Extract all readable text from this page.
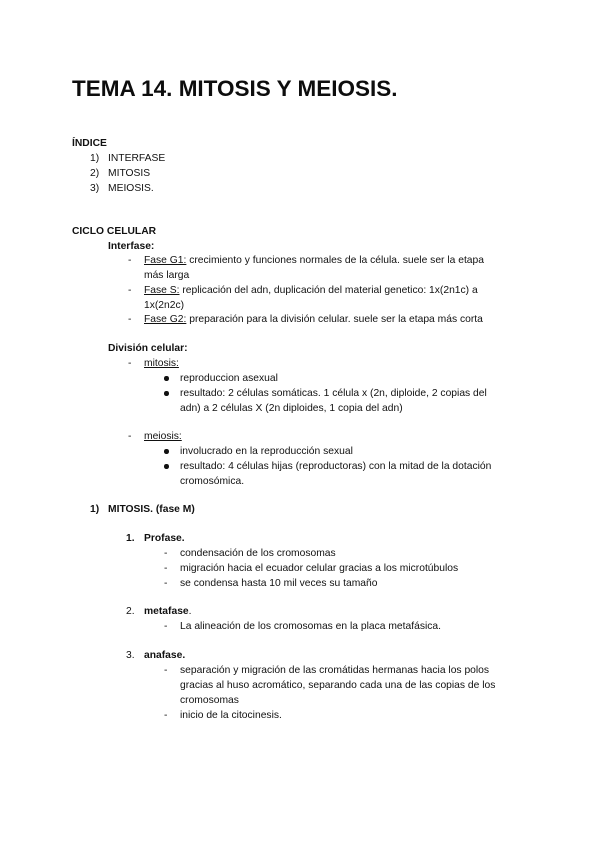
TEMA 14. MITOSIS Y MEIOSIS.
ÍNDICE
1) INTERFASE
2) MITOSIS
3) MEIOSIS.
CICLO CELULAR
Interfase:
- Fase G1: crecimiento y funciones normales de la célula. suele ser la etapa
más larga
- Fase S: replicación del adn, duplicación del material genetico: 1x(2n1c) a
1x(2n2c)
- Fase G2: preparación para la división celular. suele ser la etapa más corta
División celular:
- mitosis:
reproduccion asexual
resultado: 2 células somáticas. 1 célula x (2n, diploide, 2 copias del
adn) a 2 células X (2n diploides, 1 copia del adn)
- meiosis:
involucrado en la reproducción sexual
resultado: 4 células hijas (reproductoras) con la mitad de la dotación
cromosómica.
1) MITOSIS. (fase M)
1. Profase.
- condensación de los cromosomas
- migración hacia el ecuador celular gracias a los microtúbulos
- se condensa hasta 10 mil veces su tamaño
2. metafase.
- La alineación de los cromosomas en la placa metafásica.
3. anafase.
- separación y migración de las cromátidas hermanas hacia los polos
gracias al huso acromático, separando cada una de las copias de los
cromosomas
- inicio de la citocinesis.
